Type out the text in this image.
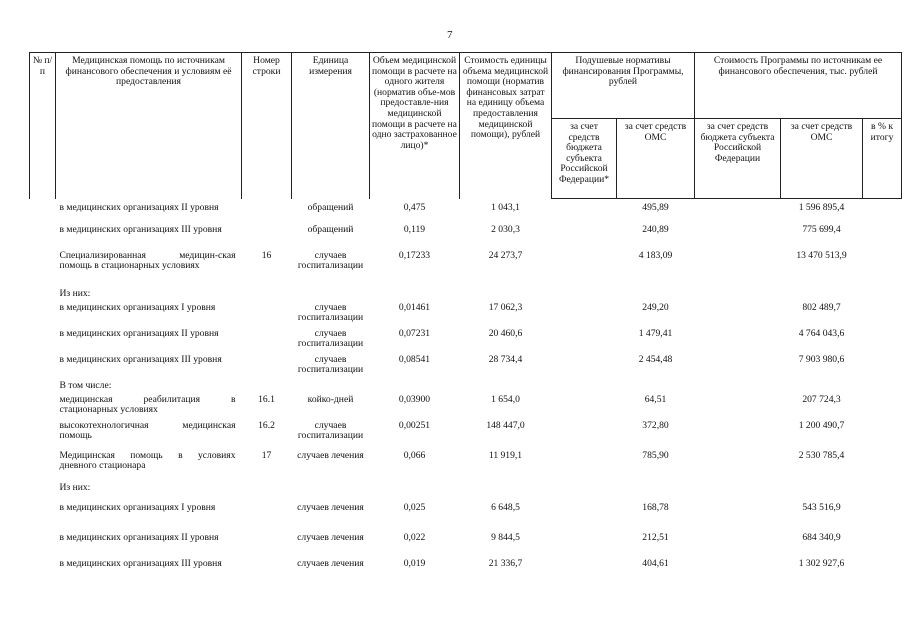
7
№ п/п	Медицинская помощь по источникам финансового обеспечения и условиям её предоставления	Номер строки	Единица измерения	Объем медицинской помощи в расчете на одного жителя (норматив объе-мов предоставле-ния медицинской помощи в расчете на одно застрахованное лицо)*	Стоимость единицы объема медицинской помощи (норматив финансовых затрат на единицу объема предоставления медицинской помощи), рублей	Подушевые нормативы финансирования Программы, рублей		Стоимость Программы по источникам ее финансового обеспечения, тыс. рублей		
						за счет средств бюджета субъекта Российской Федерации*	за счет средств ОМС	за счет средств бюджета субъекта Российской Федерации	за счет средств ОМС	в % к итогу
	в медицинских организациях II уровня		обращений	0,475	1 043,1		495,89		1 596 895,4	
	в медицинских организациях III уровня		обращений	0,119	2 030,3		240,89		775 699,4	
	Специализированная медицин-ская помощь в стационарных условиях	16	случаев госпитализации	0,17233	24 273,7		4 183,09		13 470 513,9	
	Из них:									
	в медицинских организациях I уровня		случаев госпитализации	0,01461	17 062,3		249,20		802 489,7	
	в медицинских организациях II уровня		случаев госпитализации	0,07231	20 460,6		1 479,41		4 764 043,6	
	в медицинских организациях III уровня		случаев госпитализации	0,08541	28 734,4		2 454,48		7 903 980,6	
	В том числе:									
	медицинская реабилитация в стационарных условиях	16.1	койко-дней	0,03900	1 654,0		64,51		207 724,3	
	высокотехнологичная медицинская помощь	16.2	случаев госпитализации	0,00251	148 447,0		372,80		1 200 490,7	
	Медицинская помощь в условиях дневного стационара	17	случаев лечения	0,066	11 919,1		785,90		2 530 785,4	
	Из них:									
	в медицинских организациях I уровня		случаев лечения	0,025	6 648,5		168,78		543 516,9	
	в медицинских организациях II уровня		случаев лечения	0,022	9 844,5		212,51		684 340,9	
	в медицинских организациях III уровня		случаев лечения	0,019	21 336,7		404,61		1 302 927,6	
